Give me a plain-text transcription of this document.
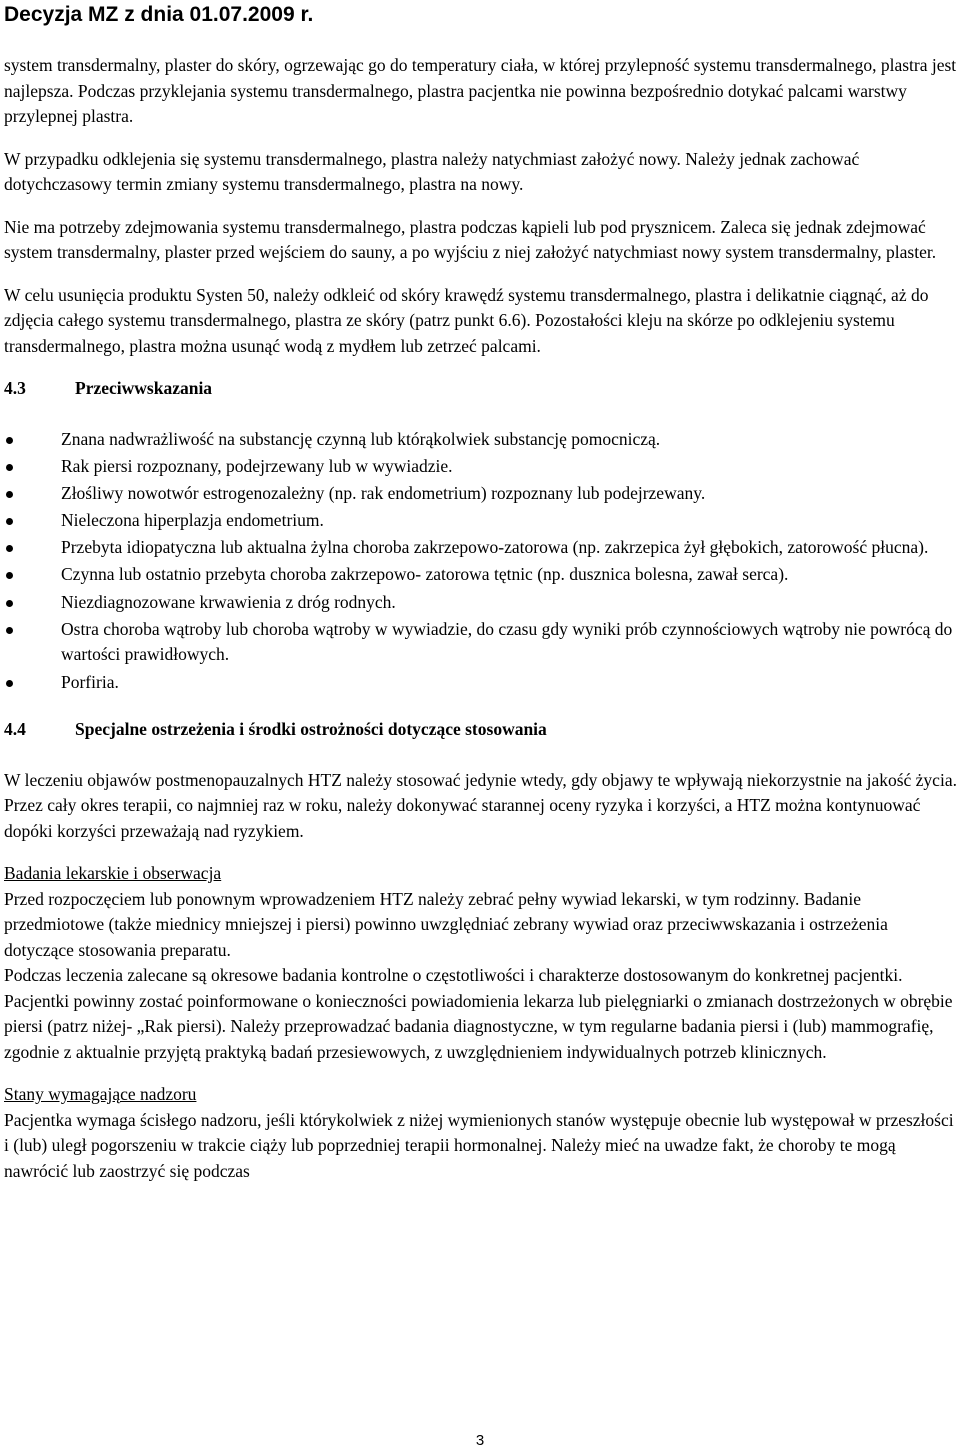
Decyzja MZ z dnia 01.07.2009 r.

system transdermalny, plaster do skóry, ogrzewając go do temperatury ciała, w której przylepność systemu transdermalnego, plastra jest najlepsza. Podczas przyklejania systemu transdermalnego, plastra pacjentka nie powinna bezpośrednio dotykać palcami warstwy przylepnej plastra.

W przypadku odklejenia się systemu transdermalnego, plastra należy natychmiast założyć nowy. Należy jednak zachować dotychczasowy termin zmiany systemu transdermalnego, plastra na nowy.

Nie ma potrzeby zdejmowania systemu transdermalnego, plastra podczas kąpieli lub pod prysznicem. Zaleca się jednak zdejmować system transdermalny, plaster przed wejściem do sauny, a po wyjściu z niej założyć natychmiast nowy system transdermalny, plaster.

W celu usunięcia produktu Systen 50, należy odkleić od skóry krawędź systemu transdermalnego, plastra i delikatnie ciągnąć, aż do zdjęcia całego systemu transdermalnego, plastra ze skóry (patrz punkt 6.6). Pozostałości kleju na skórze po odklejeniu systemu transdermalnego, plastra można usunąć wodą z mydłem lub zetrzeć palcami.

4.3	Przeciwwskazania
Znana nadwrażliwość na substancję czynną lub którąkolwiek substancję pomocniczą.
Rak piersi rozpoznany, podejrzewany lub w wywiadzie.
Złośliwy nowotwór estrogenozależny (np. rak endometrium) rozpoznany lub podejrzewany.
Nieleczona hiperplazja endometrium.
Przebyta idiopatyczna lub aktualna żylna choroba zakrzepowo-zatorowa (np. zakrzepica żył głębokich, zatorowość płucna).
Czynna lub ostatnio przebyta choroba zakrzepowo- zatorowa tętnic (np. dusznica bolesna, zawał serca).
Niezdiagnozowane krwawienia z dróg rodnych.
Ostra choroba wątroby lub choroba wątroby w wywiadzie, do czasu gdy wyniki prób czynnościowych wątroby nie powrócą do wartości prawidłowych.
Porfiria.
4.4	Specjalne ostrzeżenia i środki ostrożności dotyczące stosowania

W leczeniu objawów postmenopauzalnych HTZ należy stosować jedynie wtedy, gdy objawy te wpływają niekorzystnie na jakość życia. Przez cały okres terapii, co najmniej raz w roku, należy dokonywać starannej oceny ryzyka i korzyści, a HTZ można kontynuować dopóki korzyści przeważają nad ryzykiem.

Badania lekarskie i obserwacja
Przed rozpoczęciem lub ponownym wprowadzeniem HTZ należy zebrać pełny wywiad lekarski, w tym rodzinny. Badanie przedmiotowe (także miednicy mniejszej i piersi) powinno uwzględniać zebrany wywiad oraz przeciwwskazania i ostrzeżenia dotyczące stosowania preparatu.
Podczas leczenia zalecane są okresowe badania kontrolne o częstotliwości i charakterze dostosowanym do konkretnej pacjentki. Pacjentki powinny zostać poinformowane o konieczności powiadomienia lekarza lub pielęgniarki o zmianach dostrzeżonych w obrębie piersi (patrz niżej- „Rak piersi). Należy przeprowadzać badania diagnostyczne, w tym regularne badania piersi i (lub) mammografię, zgodnie z aktualnie przyjętą praktyką badań przesiewowych, z uwzględnieniem indywidualnych potrzeb klinicznych.
Stany wymagające nadzoru
Pacjentka wymaga ścisłego nadzoru, jeśli którykolwiek z niżej wymienionych stanów występuje obecnie lub występował w przeszłości i (lub) uległ pogorszeniu w trakcie ciąży lub poprzedniej terapii hormonalnej. Należy mieć na uwadze fakt, że choroby te mogą nawrócić lub zaostrzyć się podczas
3
